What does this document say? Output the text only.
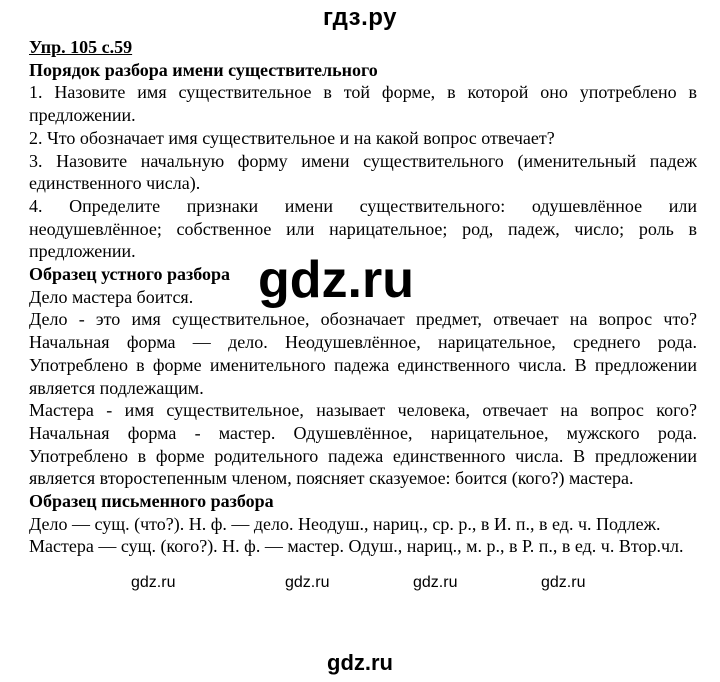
гдз.ру

Упр. 105 с.59

Порядок разбора имени существительного

1. Назовите имя существительное в той форме, в которой оно употреблено в предложении.

2. Что обозначает имя существительное и на какой вопрос отвечает?

3. Назовите начальную форму имени существительного (именительный падеж единственного числа).

4. Определите признаки имени существительного: одушевлённое или неодушевлённое; собственное или нарицательное; род, падеж, число; роль в предложении.

Образец устного разбора

Дело мастера боится.

Дело - это имя существительное, обозначает предмет, отвечает на вопрос что? Начальная форма — дело. Неодушевлённое, нарицательное, среднего рода. Употреблено в форме именительного падежа единственного числа. В предложении является подлежащим.

Мастера - имя существительное, называет человека, отвечает на вопрос кого? Начальная форма - мастер. Одушевлённое, нарицательное, мужского рода. Употреблено в форме родительного падежа единственного числа. В предложении является второстепенным членом, поясняет сказуемое: боится (кого?) мастера.

Образец письменного разбора

Дело — сущ. (что?). Н. ф. — дело. Неодуш., нариц., ср. р., в И. п., в ед. ч. Подлеж.

Мастера — сущ. (кого?). Н. ф. — мастер. Одуш., нариц., м. р., в Р. п., в ед. ч. Втор.чл.

gdz.ru
gdz.ru	gdz.ru	gdz.ru	gdz.ru
gdz.ru
